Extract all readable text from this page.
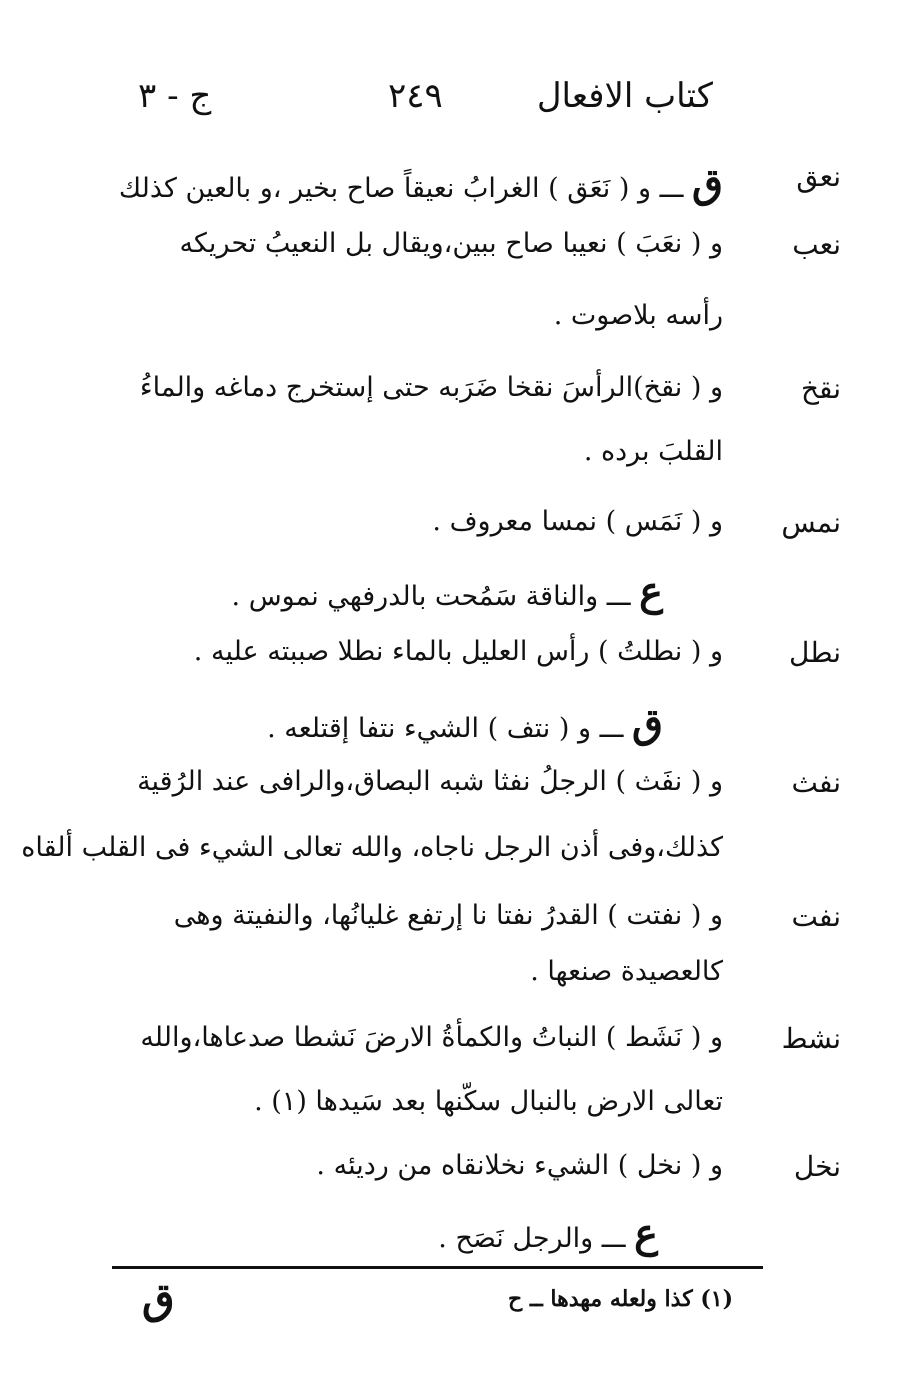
كتاب الافعال
٢٤٩
ج - ٣
نعق
ق ـــ و ( نَعَق ) الغرابُ نعيقاً صاح بخير ،و بالعين كذلك
نعب
و ( نعَبَ ) نعيبا صاح ببين،ويقال بل النعيبُ تحريكه
رأسه بلاصوت .
نقخ
و ( نقخ)الرأسَ نقخا ضَرَبه حتى إستخرج دماغه والماءُ
القلبَ برده .
نمس
و ( نَمَس ) نمسا معروف .
ع ـــ والناقة سَمُحت بالدرفهي نموس .
نطل
و ( نطلتُ ) رأس العليل بالماء نطلا صببته عليه .
ق ـــ و ( نتف ) الشيء نتفا إقتلعه .
نفث
و ( نفَث ) الرجلُ نفثا شبه البصاق،والرافى عند الرُقية
كذلك،وفى أذن الرجل ناجاه، والله تعالى الشيء فى القلب ألقاه
نفت
و ( نفتت ) القدرُ نفتا نا إرتفع غليانُها، والنفيتة وهى
كالعصيدة صنعها .
نشط
و ( نَشَط ) النباتُ والكمأةُ الارضَ نَشطا صدعاها،والله
تعالى الارض بالنبال سكّنها بعد سَيدها (١) .
نخل
و ( نخل ) الشيء نخلانقاه من رديئه .
ع ـــ والرجل نَصَح .
(١) كذا ولعله مهدها ــ ح
ق
